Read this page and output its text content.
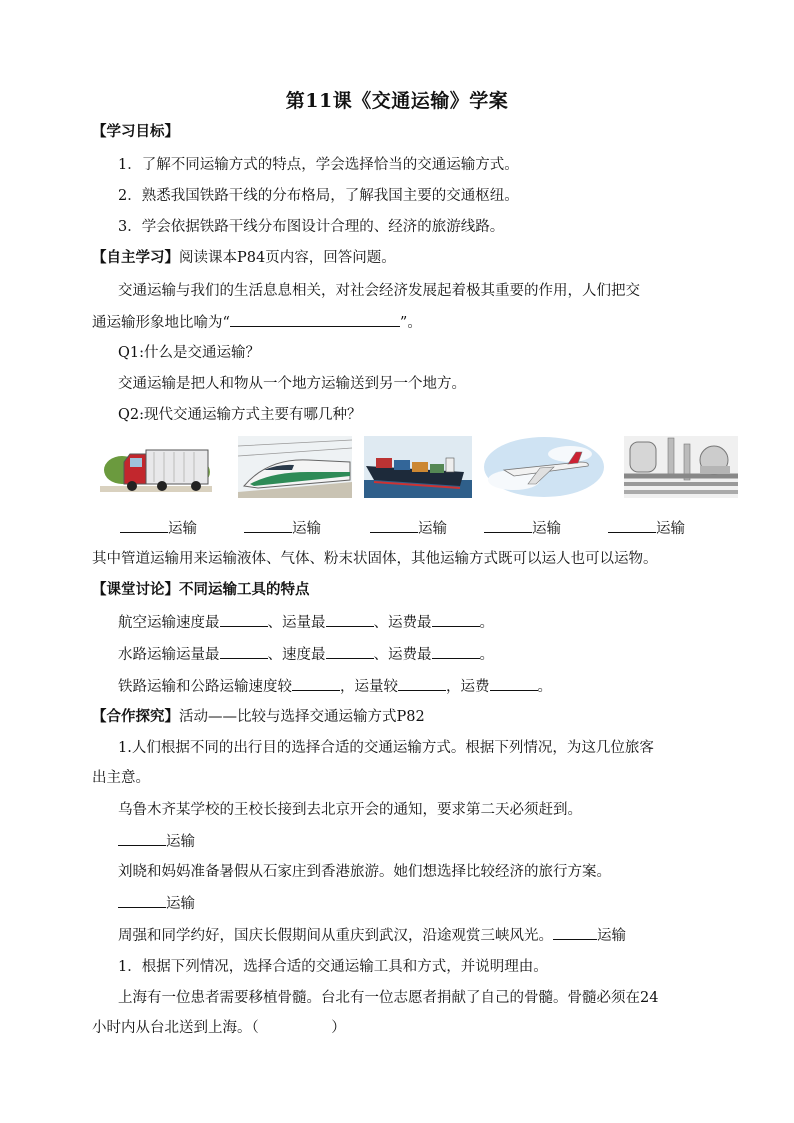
第11课《交通运输》学案
【学习目标】
1．了解不同运输方式的特点，学会选择恰当的交通运输方式。
2．熟悉我国铁路干线的分布格局，了解我国主要的交通枢纽。
3．学会依据铁路干线分布图设计合理的、经济的旅游线路。
【自主学习】阅读课本P84页内容，回答问题。
交通运输与我们的生活息息相关，对社会经济发展起着极其重要的作用，人们把交
通运输形象地比喻为“	”。
Q1:什么是交通运输？
交通运输是把人和物从一个地方运输送到另一个地方。
Q2:现代交通运输方式主要有哪几种？
运输	运输	运输	运输	运输
其中管道运输用来运输液体、气体、粉末状固体，其他运输方式既可以运人也可以运物。
【课堂讨论】不同运输工具的特点
航空运输速度最	、运量最	、运费最	。
水路运输运量最	、速度最	、运费最	。
铁路运输和公路运输速度较	，运量较	，运费	。
【合作探究】活动——比较与选择交通运输方式P82
1.人们根据不同的出行目的选择合适的交通运输方式。根据下列情况，为这几位旅客
出主意。
乌鲁木齐某学校的王校长接到去北京开会的通知，要求第二天必须赶到。
运输
刘晓和妈妈准备暑假从石家庄到香港旅游。她们想选择比较经济的旅行方案。
运输
周强和同学约好，国庆长假期间从重庆到武汉，沿途观赏三峡风光。	运输
1．根据下列情况，选择合适的交通运输工具和方式，并说明理由。
上海有一位患者需要移植骨髓。台北有一位志愿者捐献了自己的骨髓。骨髓必须在24
小时内从台北送到上海。（　　　　　）
